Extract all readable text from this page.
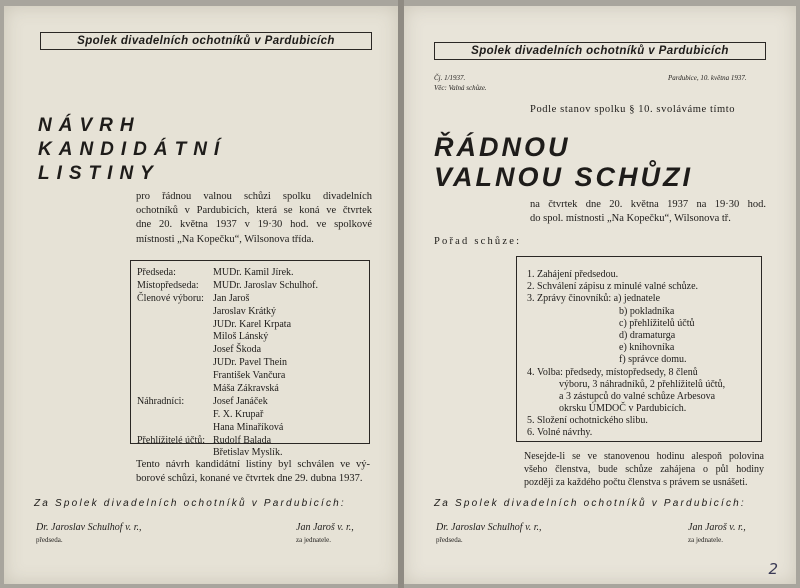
Spolek divadelních ochotníků v Pardubicích
NÁVRH
KANDIDÁTNÍ
LISTINY
pro řádnou valnou schůzi spolku divadelních
ochotníků v Pardubicích, která se koná ve čtvrtek
dne 20. května 1937 v 19·30 hod. ve spolkové
místnosti „Na Kopečku“, Wilsonova třída.
Předseda:	MUDr. Kamil Jírek.
Místopředseda: MUDr. Jaroslav Schulhof.
Členové výboru: Jan Jaroš
Jaroslav Krátký
JUDr. Karel Krpata
Miloš Lánský
Josef Škoda
JUDr. Pavel Thein
František Vančura
Máša Zákravská
Náhradníci:	Josef Janáček
F. X. Krupař
Hana Minaříková
Přehlížitelé účtů: Rudolf Balada
Břetislav Myslík.
Tento návrh kandidátní listiny byl schválen ve vý-
borové schůzi, konané ve čtvrtek dne 29. dubna 1937.
Za Spolek divadelních ochotníků v Pardubicích:
Dr. Jaroslav Schulhof v. r.,
předseda.
Jan Jaroš v. r.,
za jednatele.
Spolek divadelních ochotníků v Pardubicích
Čj. 1/1937.
Věc: Valná schůze.
Pardubice, 10. května 1937.
Podle stanov spolku § 10. svoláváme tímto
ŘÁDNOU
VALNOU SCHŮZI
na čtvrtek dne 20. května 1937 na 19·30 hod.
do spol. místnosti „Na Kopečku“, Wilsonova tř.
Pořad schůze:
1. Zahájení předsedou.
2. Schválení zápisu z minulé valné schůze.
3. Zprávy činovníků: a) jednatele
b) pokladníka
c) přehlížitelů účtů
d) dramaturga
e) knihovníka
f) správce domu.
4. Volba: předsedy, místopředsedy, 8 členů
výboru, 3 náhradníků, 2 přehlížitelů účtů,
a 3 zástupců do valné schůze Arbesova
okrsku ÚMDOČ v Pardubicích.
5. Složení ochotnického slibu.
6. Volné návrhy.
Nesejde-li se ve stanovenou hodinu alespoň polovina
všeho členstva, bude schůze zahájena o půl hodiny
později za každého počtu členstva s právem se usnášeti.
Za Spolek divadelních ochotníků v Pardubicích:
Dr. Jaroslav Schulhof v. r.,
předseda.
Jan Jaroš v. r.,
za jednatele.
2
